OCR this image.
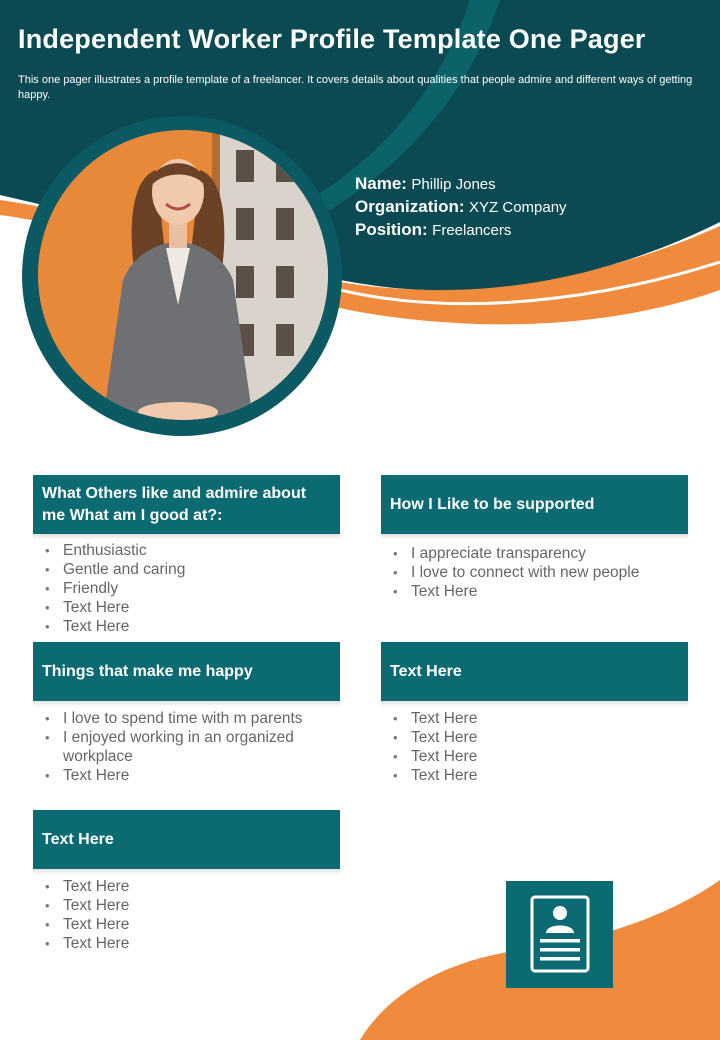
Independent Worker Profile Template One Pager
This one pager illustrates a profile template of a freelancer. It covers details about qualities that people admire and different ways of getting happy.
Name: Phillip Jones
Organization: XYZ Company
Position: Freelancers
What Others like and admire about me What am I good at?:
• Enthusiastic
• Gentle and caring
• Friendly
• Text Here
• Text Here
How I Like to be supported
• I appreciate transparency
• I love to connect with new people
• Text Here
Things that make me happy
• I love to spend time with m parents
• I enjoyed working in an organized workplace
• Text Here
Text Here
• Text Here
• Text Here
• Text Here
• Text Here
Text Here
• Text Here
• Text Here
• Text Here
• Text Here
